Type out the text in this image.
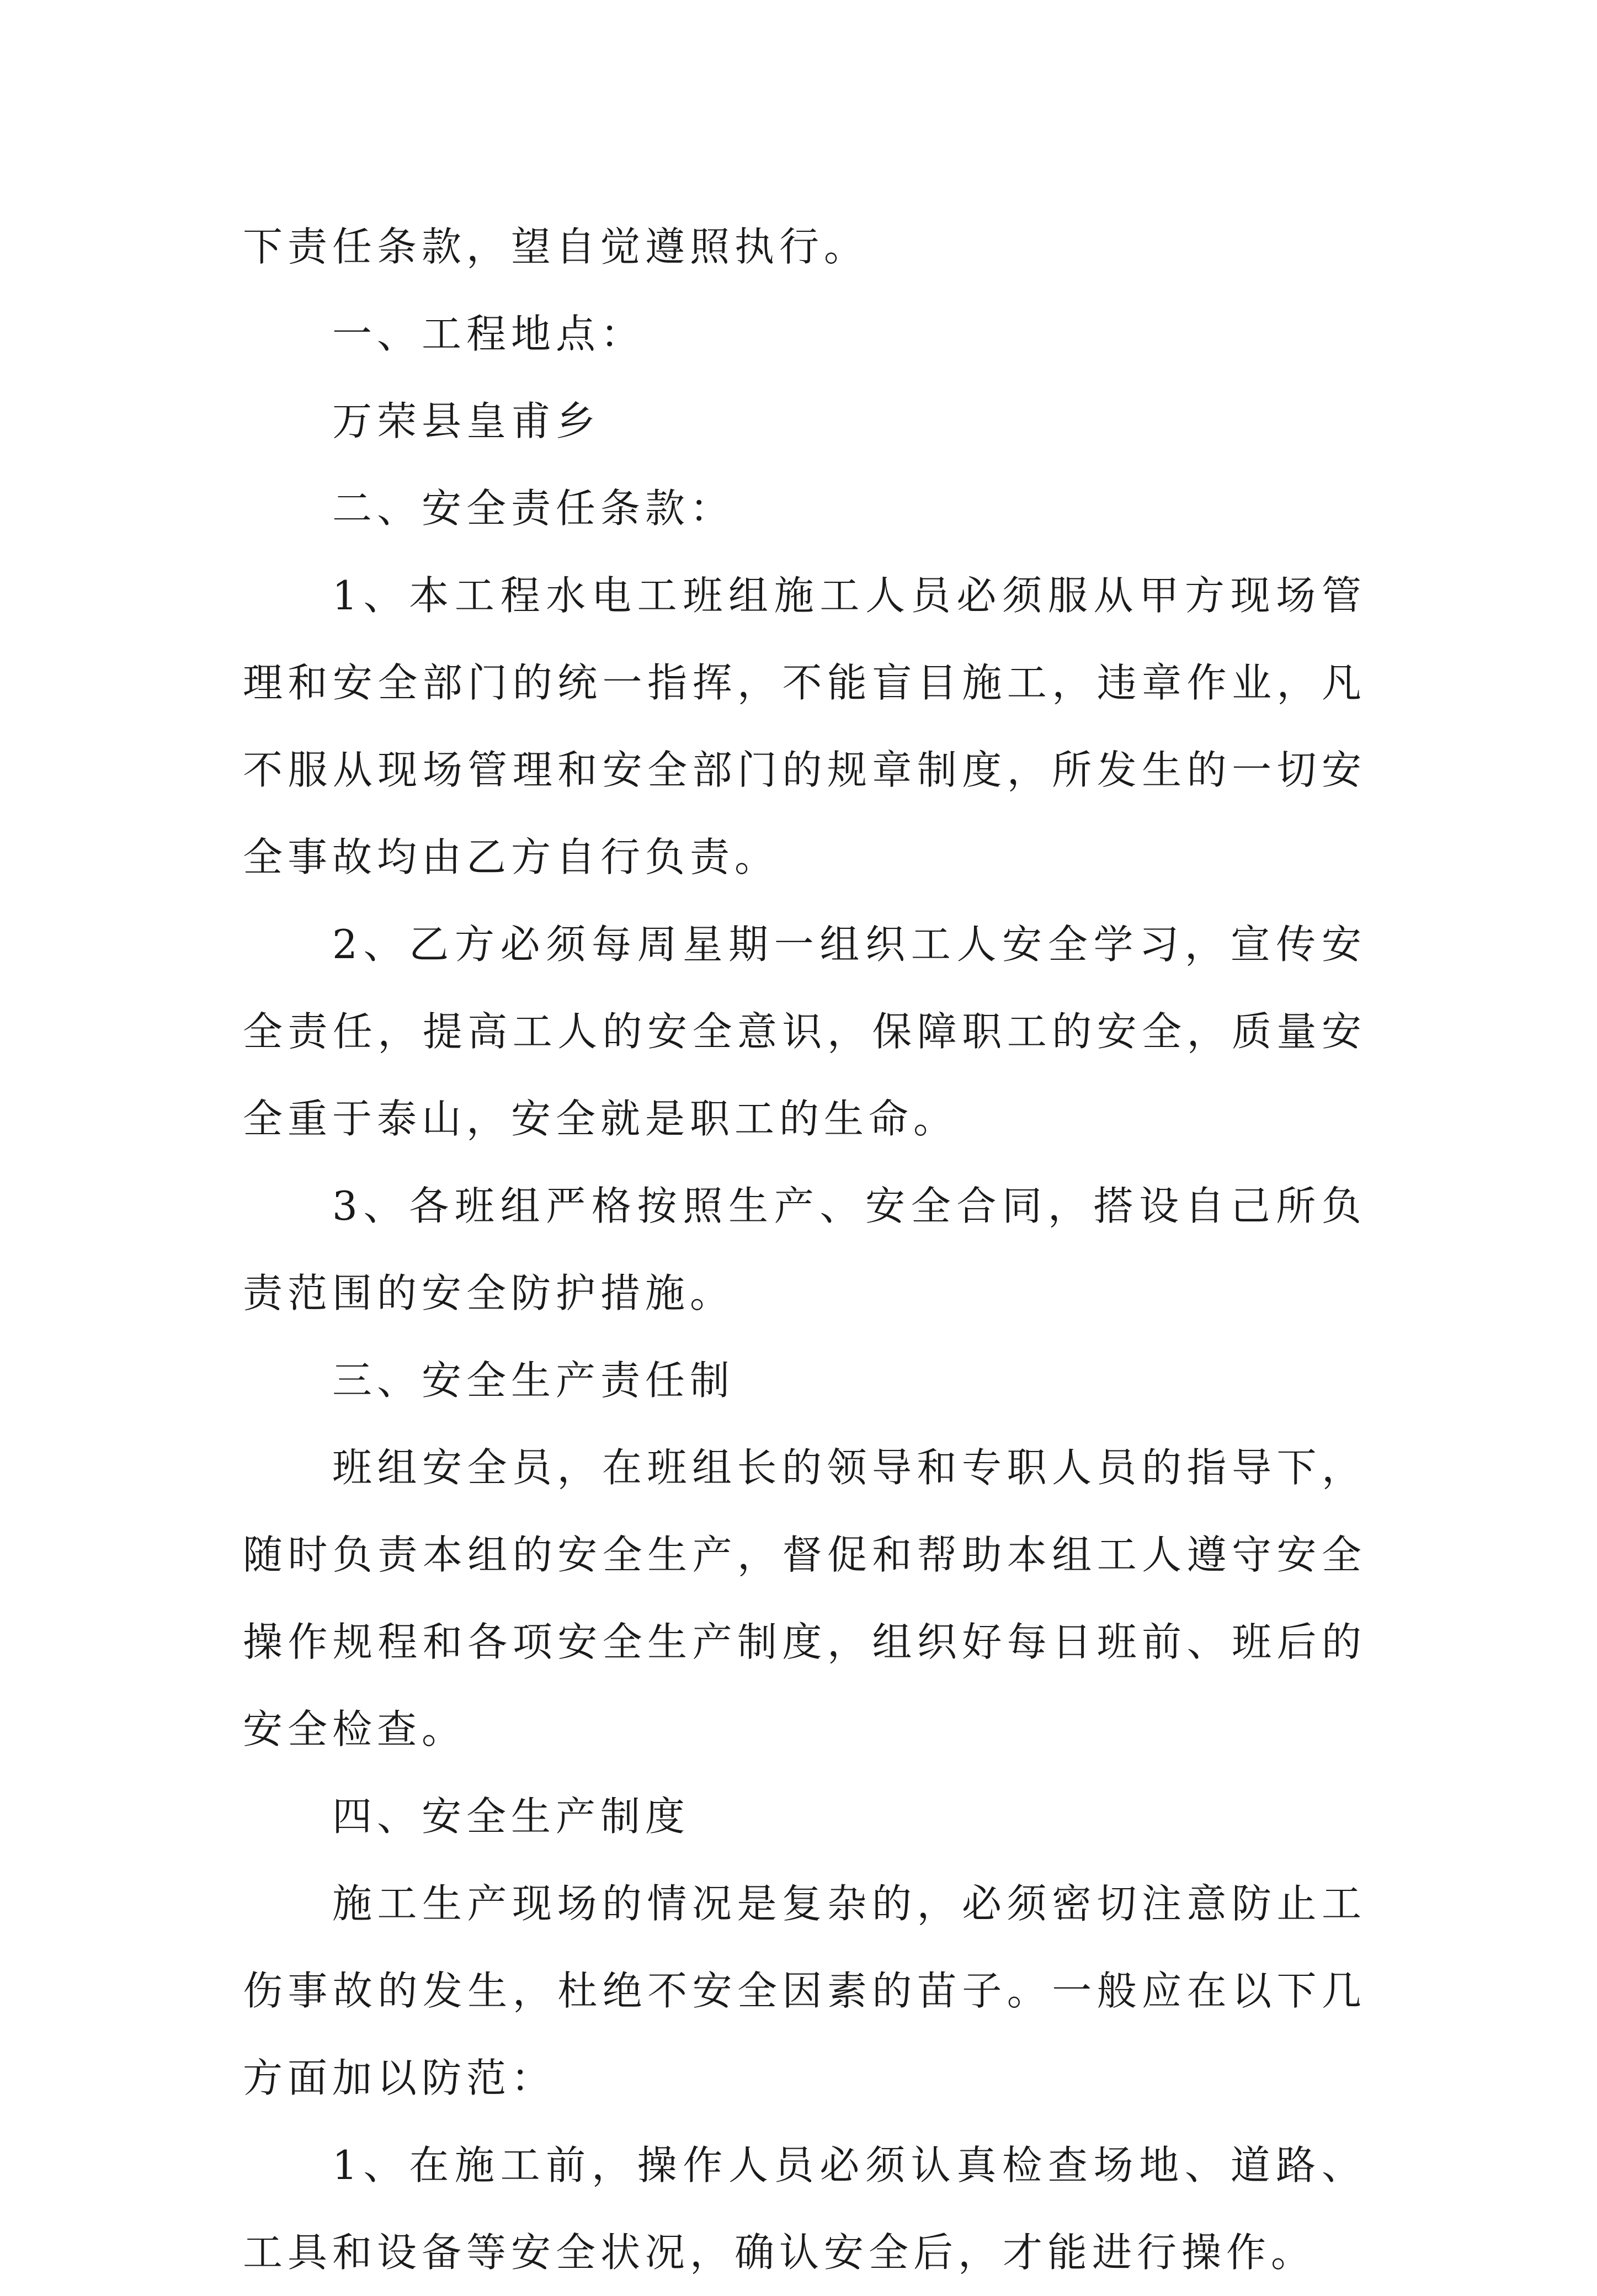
下责任条款，望自觉遵照执行。

一、工程地点：

万荣县皇甫乡

二、安全责任条款：

1、本工程水电工班组施工人员必须服从甲方现场管理和安全部门的统一指挥，不能盲目施工，违章作业，凡不服从现场管理和安全部门的规章制度，所发生的一切安全事故均由乙方自行负责。

2、乙方必须每周星期一组织工人安全学习，宣传安全责任，提高工人的安全意识，保障职工的安全，质量安全重于泰山，安全就是职工的生命。

3、各班组严格按照生产、安全合同，搭设自己所负责范围的安全防护措施。

三、安全生产责任制

班组安全员，在班组长的领导和专职人员的指导下，随时负责本组的安全生产，督促和帮助本组工人遵守安全操作规程和各项安全生产制度，组织好每日班前、班后的安全检查。

四、安全生产制度

施工生产现场的情况是复杂的，必须密切注意防止工伤事故的发生，杜绝不安全因素的苗子。一般应在以下几方面加以防范：

1、在施工前，操作人员必须认真检查场地、道路、工具和设备等安全状况，确认安全后，才能进行操作。
